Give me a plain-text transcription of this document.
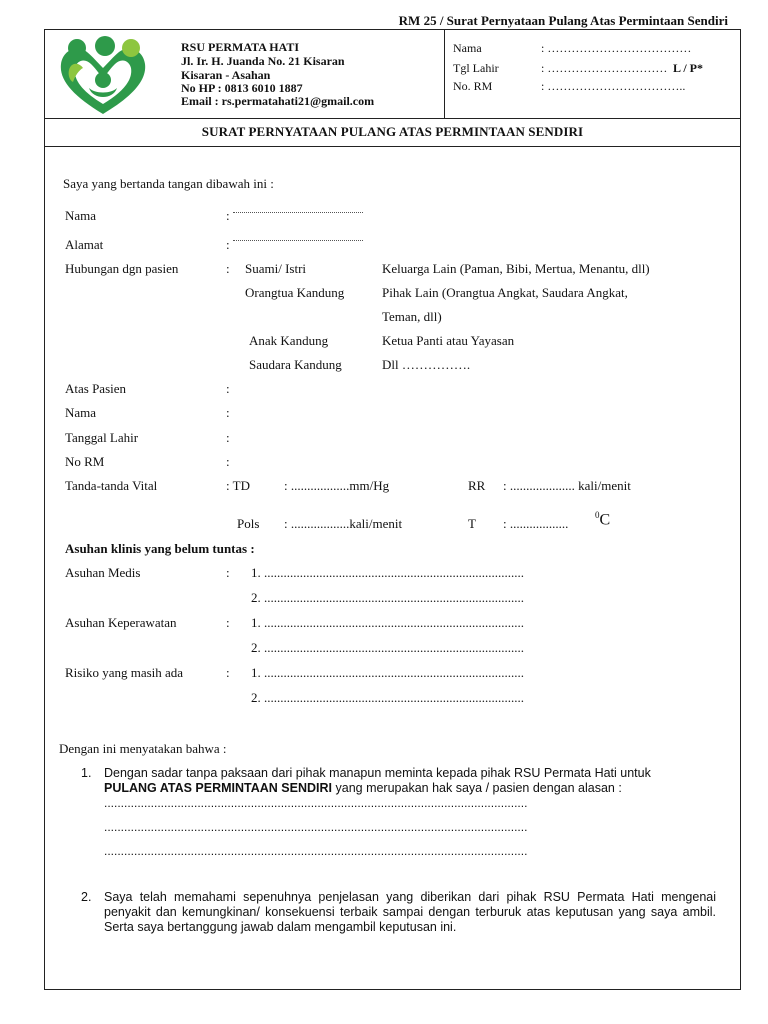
RM 25 / Surat Pernyataan Pulang Atas Permintaan Sendiri
RSU PERMATA HATI
Jl. Ir. H. Juanda No. 21 Kisaran
Kisaran - Asahan
No HP : 0813 6010 1887
Email : rs.permatahati21@gmail.com
Nama	: ………………………………
Tgl Lahir	: ………………………… L / P*
No. RM	: ……………………………..
SURAT PERNYATAAN PULANG ATAS PERMINTAAN SENDIRI
Saya yang bertanda tangan dibawah ini :
Nama	:
Alamat	:
Hubungan dgn pasien	: Suami/ Istri	Keluarga Lain (Paman, Bibi, Mertua, Menantu, dll)
Orangtua Kandung	Pihak Lain (Orangtua Angkat, Saudara Angkat,
Teman, dll)
Anak Kandung	Ketua Panti atau Yayasan
Saudara Kandung	Dll …………….
Atas Pasien	:
Nama	:
Tanggal Lahir	:
No RM	:
Tanda-tanda Vital	: TD	: ..................mm/Hg	RR : .................... kali/menit
Pols : ..................kali/menit	T : ..................
$^0$C
Asuhan klinis yang belum tuntas :
Asuhan Medis	: 1. ................................................................................
2. ................................................................................
Asuhan Keperawatan	: 1. ................................................................................
2. ................................................................................
Risiko yang masih ada	: 1. ................................................................................
2. ................................................................................
Dengan ini menyatakan bahwa :
1. Dengan sadar tanpa paksaan dari pihak manapun meminta kepada pihak RSU Permata Hati untuk
PULANG ATAS PERMINTAAN SENDIRI yang merupakan hak saya / pasien dengan alasan :
...............................................................................................................................
...............................................................................................................................
...............................................................................................................................
2. Saya telah memahami sepenuhnya penjelasan yang diberikan dari pihak RSU Permata Hati mengenai penyakit dan kemungkinan/ konsekuensi terbaik sampai dengan terburuk atas keputusan yang saya ambil. Serta saya bertanggung jawab dalam mengambil keputusan ini.
